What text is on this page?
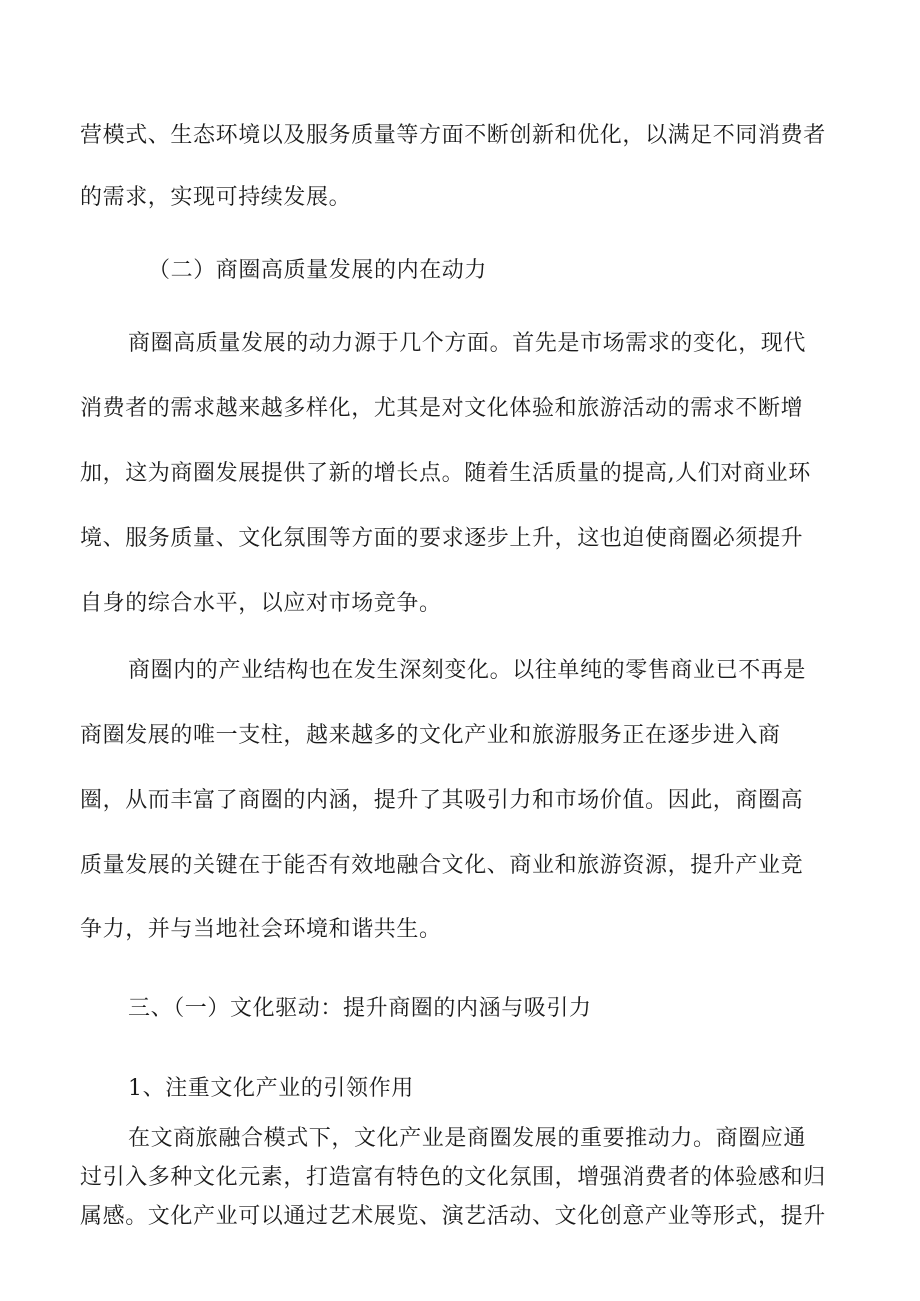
营模式、生态环境以及服务质量等方面不断创新和优化，以满足不同消费者
的需求，实现可持续发展。
（二）商圈高质量发展的内在动力
商圈高质量发展的动力源于几个方面。首先是市场需求的变化，现代
消费者的需求越来越多样化，尤其是对文化体验和旅游活动的需求不断增
加，这为商圈发展提供了新的增长点。随着生活质量的提高,人们对商业环
境、服务质量、文化氛围等方面的要求逐步上升，这也迫使商圈必须提升
自身的综合水平，以应对市场竞争。
商圈内的产业结构也在发生深刻变化。以往单纯的零售商业已不再是
商圈发展的唯一支柱，越来越多的文化产业和旅游服务正在逐步进入商
圈，从而丰富了商圈的内涵，提升了其吸引力和市场价值。因此，商圈高
质量发展的关键在于能否有效地融合文化、商业和旅游资源，提升产业竞
争力，并与当地社会环境和谐共生。
三、（一）文化驱动：提升商圈的内涵与吸引力
1、注重文化产业的引领作用
在文商旅融合模式下，文化产业是商圈发展的重要推动力。商圈应通
过引入多种文化元素，打造富有特色的文化氛围，增强消费者的体验感和归
属感。文化产业可以通过艺术展览、演艺活动、文化创意产业等形式，提升
